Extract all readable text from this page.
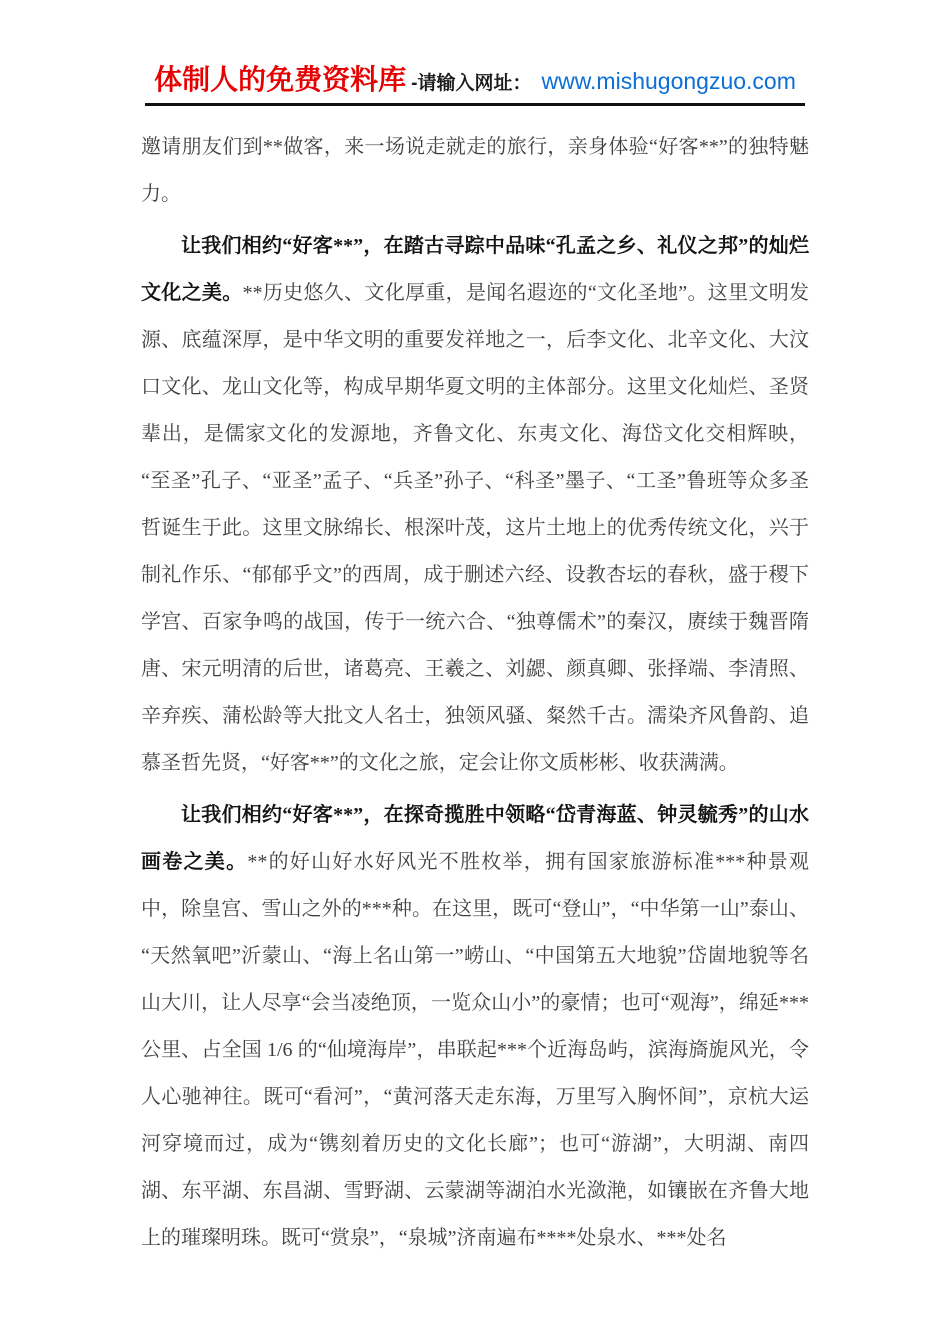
体制人的免费资料库 -请输入网址： www.mishugongzuo.com

邀请朋友们到**做客，来一场说走就走的旅行，亲身体验“好客**”的独特魅力。

让我们相约“好客**”，在踏古寻踪中品味“孔孟之乡、礼仪之邦”的灿烂文化之美。**历史悠久、文化厚重，是闻名遐迩的“文化圣地”。这里文明发源、底蕴深厚，是中华文明的重要发祥地之一，后李文化、北辛文化、大汶口文化、龙山文化等，构成早期华夏文明的主体部分。这里文化灿烂、圣贤辈出，是儒家文化的发源地，齐鲁文化、东夷文化、海岱文化交相辉映，“至圣”孔子、“亚圣”孟子、“兵圣”孙子、“科圣”墨子、“工圣”鲁班等众多圣哲诞生于此。这里文脉绵长、根深叶茂，这片土地上的优秀传统文化，兴于制礼作乐、“郁郁乎文”的西周，成于删述六经、设教杏坛的春秋，盛于稷下学宫、百家争鸣的战国，传于一统六合、“独尊儒术”的秦汉，赓续于魏晋隋唐、宋元明清的后世，诸葛亮、王羲之、刘勰、颜真卿、张择端、李清照、辛弃疾、蒲松龄等大批文人名士，独领风骚、粲然千古。濡染齐风鲁韵、追慕圣哲先贤，“好客**”的文化之旅，定会让你文质彬彬、收获满满。

让我们相约“好客**”，在探奇揽胜中领略“岱青海蓝、钟灵毓秀”的山水画卷之美。**的好山好水好风光不胜枚举，拥有国家旅游标准***种景观中，除皇宫、雪山之外的***种。在这里，既可“登山”，“中华第一山”泰山、“天然氧吧”沂蒙山、“海上名山第一”崂山、“中国第五大地貌”岱崮地貌等名山大川，让人尽享“会当凌绝顶，一览众山小”的豪情；也可“观海”，绵延***公里、占全国 1/6 的“仙境海岸”，串联起***个近海岛屿，滨海旖旎风光，令人心驰神往。既可“看河”，“黄河落天走东海，万里写入胸怀间”，京杭大运河穿境而过，成为“镌刻着历史的文化长廊”；也可“游湖”，大明湖、南四湖、东平湖、东昌湖、雪野湖、云蒙湖等湖泊水光潋滟，如镶嵌在齐鲁大地上的璀璨明珠。既可“赏泉”，“泉城”济南遍布****处泉水、***处名
